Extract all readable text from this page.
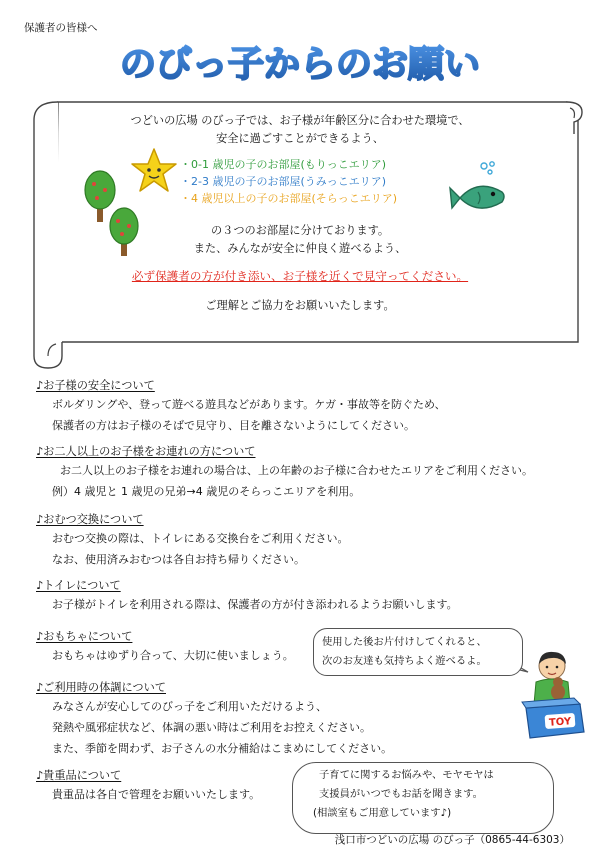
保護者の皆様へ
のびっ子からのお願い
つどいの広場 のびっ子では、お子様が年齢区分に合わせた環境で、
安全に過ごすことができるよう、
・0-1 歳児の子のお部屋(もりっこエリア)
・2-3 歳児の子のお部屋(うみっこエリア)
・4 歳児以上の子のお部屋(そらっこエリア)
の３つのお部屋に分けております。
また、みんなが安全に仲良く遊べるよう、
必ず保護者の方が付き添い、お子様を近くで見守ってください。
ご理解とご協力をお願いいたします。
♪お子様の安全について
ボルダリングや、登って遊べる遊具などがあります。ケガ・事故等を防ぐため、
保護者の方はお子様のそばで見守り、目を離さないようにしてください。
♪お二人以上のお子様をお連れの方について
お二人以上のお子様をお連れの場合は、上の年齢のお子様に合わせたエリアをご利用ください。
例）4 歳児と 1 歳児の兄弟→4 歳児のそらっこエリアを利用。
♪おむつ交換について
おむつ交換の際は、トイレにある交換台をご利用ください。
なお、使用済みおむつは各自お持ち帰りください。
♪トイレについて
お子様がトイレを利用される際は、保護者の方が付き添われるようお願いします。
♪おもちゃについて
おもちゃはゆずり合って、大切に使いましょう。
♪ご利用時の体調について
みなさんが安心してのびっ子をご利用いただけるよう、
発熱や風邪症状など、体調の悪い時はご利用をお控えください。
また、季節を問わず、お子さんの水分補給はこまめにしてください。
♪貴重品について
貴重品は各自で管理をお願いいたします。
使用した後お片付けしてくれると、
次のお友達も気持ちよく遊べるよ。
TOY
子育てに関するお悩みや、モヤモヤは
支援員がいつでもお話を聞きます。
(相談室もご用意しています♪)
浅口市つどいの広場 のびっ子（0865-44-6303）
